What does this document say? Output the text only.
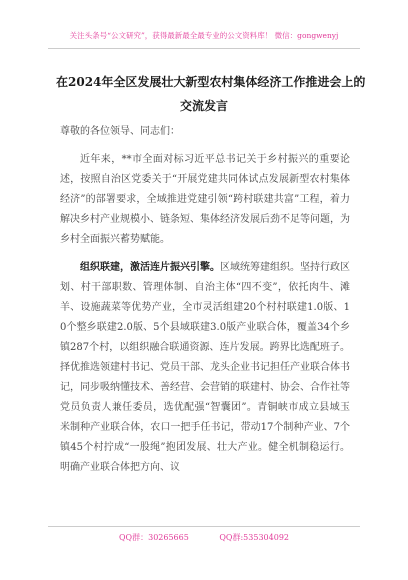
关注头条号“公文研究”，获得最新最全最专业的公文资料库！ 微信：gongwenyj
在2024年全区发展壮大新型农村集体经济工作推进会上的
交流发言
尊敬的各位领导、同志们：

近年来，**市全面对标习近平总书记关于乡村振兴的重要论述，按照自治区党委关于“开展党建共同体试点发展新型农村集体经济”的部署要求，全域推进党建引领“跨村联建共富”工程，着力解决乡村产业规模小、链条短、集体经济发展后劲不足等问题，为乡村全面振兴蓄势赋能。

组织联建，激活连片振兴引擎。区域统筹建组织。坚持行政区划、村干部职数、管理体制、自治主体“四不变”，依托肉牛、滩羊、设施蔬菜等优势产业，全市灵活组建20个村村联建1.0版、10个整乡联建2.0版、5个县域联建3.0版产业联合体，覆盖34个乡镇287个村，以组织融合联通资源、连片发展。跨界比选配班子。择优推选领建村书记、党员干部、龙头企业书记担任产业联合体书记，同步吸纳懂技术、善经营、会营销的联建村、协会、合作社等党员负责人兼任委员，选优配强“智囊团”。青铜峡市成立县域玉米制种产业联合体，农口一把手任书记，带动17个制种产业、7个镇45个村拧成“一股绳”抱团发展、壮大产业。健全机制稳运行。明确产业联合体把方向、议

QQ群：30265665	QQ群:535304092
